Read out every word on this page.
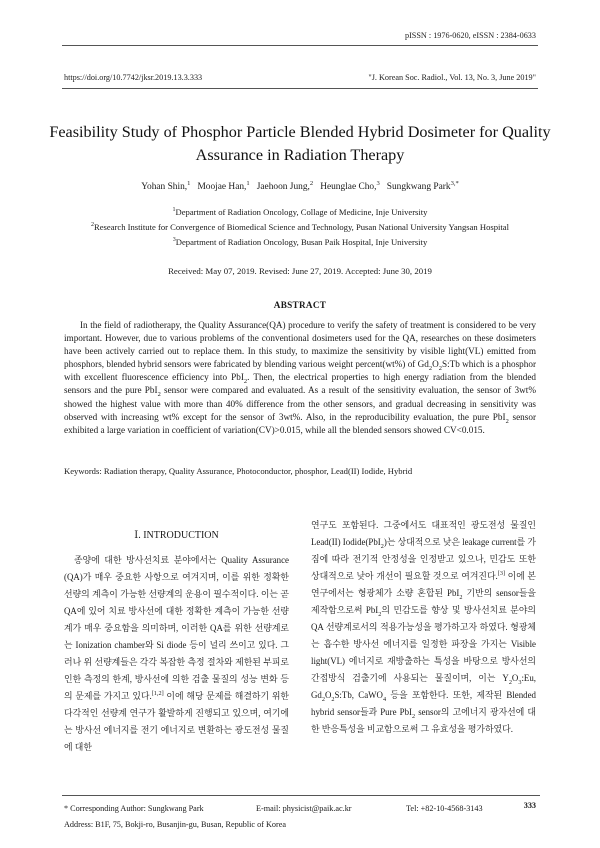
pISSN : 1976-0620, eISSN : 2384-0633
https://doi.org/10.7742/jksr.2019.13.3.333	"J. Korean Soc. Radiol., Vol. 13, No. 3, June 2019"
Feasibility Study of Phosphor Particle Blended Hybrid Dosimeter for Quality Assurance in Radiation Therapy
Yohan Shin,$^1$ Moojae Han,$^1$ Jaehoon Jung,$^2$ Heunglae Cho,$^3$ Sungkwang Park$^{3,*}$
$^1$Department of Radiation Oncology, Collage of Medicine, Inje University
$^2$Research Institute for Convergence of Biomedical Science and Technology, Pusan National University Yangsan Hospital
$^3$Department of Radiation Oncology, Busan Paik Hospital, Inje University
Received: May 07, 2019. Revised: June 27, 2019. Accepted: June 30, 2019
ABSTRACT
In the field of radiotherapy, the Quality Assurance(QA) procedure to verify the safety of treatment is considered to be very important. However, due to various problems of the conventional dosimeters used for the QA, researches on these dosimeters have been actively carried out to replace them. In this study, to maximize the sensitivity by visible light(VL) emitted from phosphors, blended hybrid sensors were fabricated by blending various weight percent(wt%) of $Gd_2O_2S:Tb$ which is a phosphor with excellent fluorescence efficiency into PbI$_2$. Then, the electrical properties to high energy radiation from the blended sensors and the pure PbI$_2$ sensor were compared and evaluated. As a result of the sensitivity evaluation, the sensor of 3wt% showed the highest value with more than 40% difference from the other sensors, and gradual decreasing in sensitivity was observed with increasing wt% except for the sensor of 3wt%. Also, in the reproducibility evaluation, the pure PbI$_2$ sensor exhibited a large variation in coefficient of variation(CV)>0.015, while all the blended sensors showed CV<0.015.
Keywords: Radiation therapy, Quality Assurance, Photoconductor, phosphor, Lead(II) Iodide, Hybrid
Ⅰ. INTRODUCTION
종양에 대한 방사선치료 분야에서는 Quality Assurance (QA)가 매우 중요한 사항으로 여겨지며, 이를 위한 정확한 선량의 계측이 가능한 선량계의 운용이 필수적이다. 이는 곧 QA에 있어 치료 방사선에 대한 정확한 계측이 가능한 선량계가 매우 중요함을 의미하며, 이러한 QA를 위한 선량계로는 Ionization chamber와 Si diode 등이 널리 쓰이고 있다. 그러나 위 선량계들은 각각 복잡한 측정 절차와 제한된 부피로 인한 측정의 한계, 방사선에 의한 검출 물질의 성능 변화 등의 문제를 가지고 있다.[1,2] 이에 해당 문제를 해결하기 위한 다각적인 선량계 연구가 활발하게 진행되고 있으며, 여기에는 방사선 에너지를 전기 에너지로 변환하는 광도전성 물질에 대한
연구도 포함된다. 그중에서도 대표적인 광도전성 물질인 Lead(II) Iodide(PbI$_2$)는 상대적으로 낮은 leakage current를 가짐에 따라 전기적 안정성을 인정받고 있으나, 민감도 또한 상대적으로 낮아 개선이 필요할 것으로 여겨진다.[3] 이에 본 연구에서는 형광체가 소량 혼합된 PbI$_2$ 기반의 sensor들을 제작함으로써 PbI$_2$의 민감도를 향상 및 방사선치료 분야의 QA 선량계로서의 적용가능성을 평가하고자 하였다. 형광체는 흡수한 방사선 에너지를 일정한 파장을 가지는 Visible light(VL) 에너지로 재방출하는 특성을 바탕으로 방사선의 간접방식 검출기에 사용되는 물질이며, 이는 $Y_2O_3:Eu$, $Gd_2O_2S:Tb$, CaWO$_4$ 등을 포함한다. 또한, 제작된 Blended hybrid sensor들과 Pure PbI$_2$ sensor의 고에너지 광자선에 대한 반응특성을 비교함으로써 그 유효성을 평가하였다.
* Corresponding Author: Sungkwang Park	E-mail: physicist@paik.ac.kr	Tel: +82-10-4568-3143
Address: B1F, 75, Bokji-ro, Busanjin-gu, Busan, Republic of Korea
333
